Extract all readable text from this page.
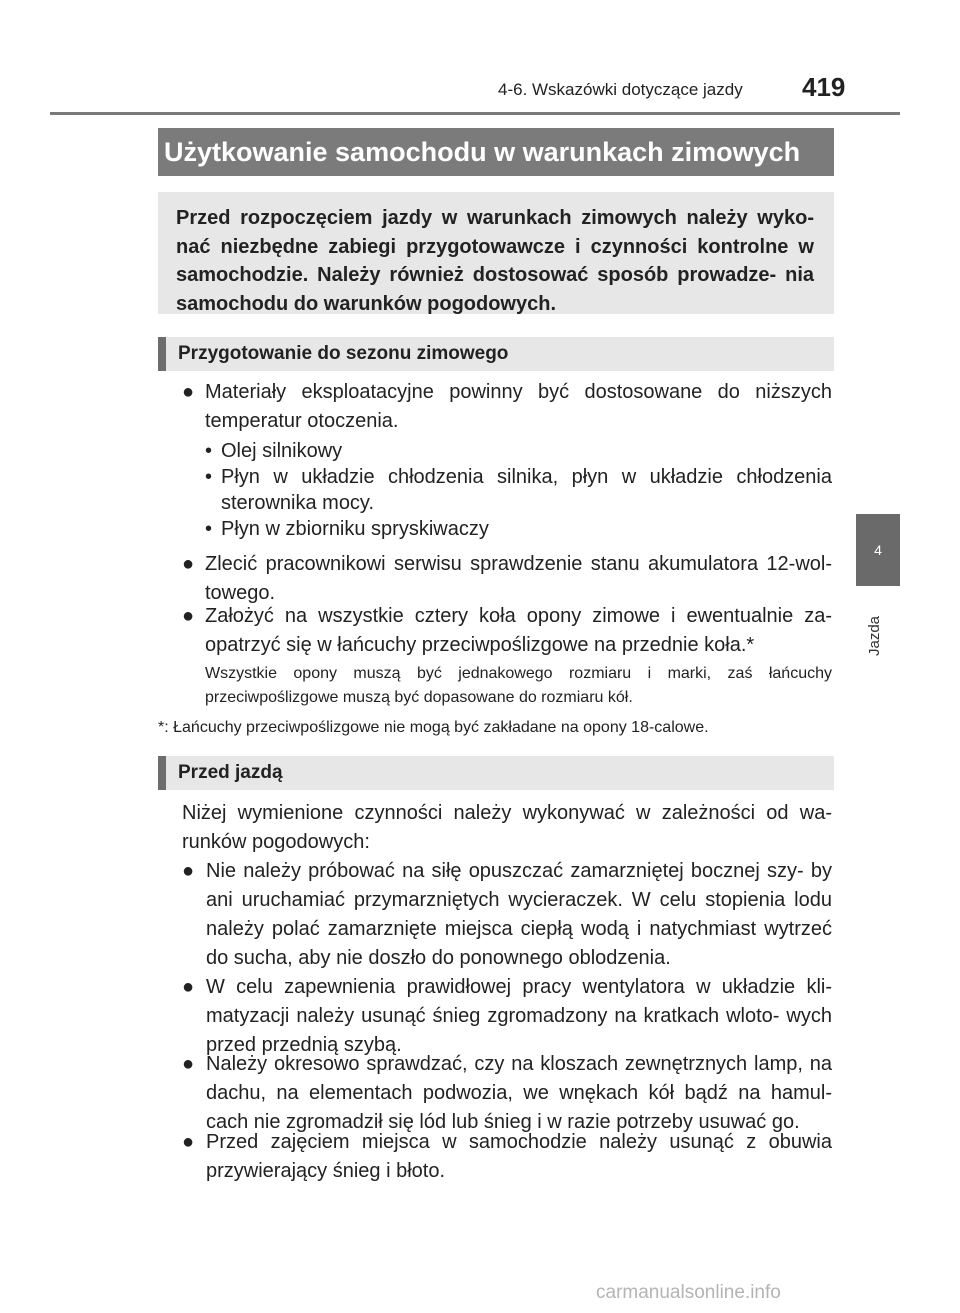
4-6. Wskazówki dotyczące jazdy 419
Użytkowanie samochodu w warunkach zimowych
Przed rozpoczęciem jazdy w warunkach zimowych należy wyko- nać niezbędne zabiegi przygotowawcze i czynności kontrolne w samochodzie. Należy również dostosować sposób prowadze- nia samochodu do warunków pogodowych.
Przygotowanie do sezonu zimowego
● Materiały eksploatacyjne powinny być dostosowane do niższych temperatur otoczenia.
• Olej silnikowy
• Płyn w układzie chłodzenia silnika, płyn w układzie chłodzenia sterownika mocy.
• Płyn w zbiorniku spryskiwaczy
● Zlecić pracownikowi serwisu sprawdzenie stanu akumulatora 12-wol- towego.
● Założyć na wszystkie cztery koła opony zimowe i ewentualnie za- opatrzyć się w łańcuchy przeciwpoślizgowe na przednie koła.*
Wszystkie opony muszą być jednakowego rozmiaru i marki, zaś łańcuchy przeciwpoślizgowe muszą być dopasowane do rozmiaru kół.
*: Łańcuchy przeciwpoślizgowe nie mogą być zakładane na opony 18-calowe.
Przed jazdą
Niżej wymienione czynności należy wykonywać w zależności od wa- runków pogodowych:
● Nie należy próbować na siłę opuszczać zamarzniętej bocznej szy- by ani uruchamiać przymarzniętych wycieraczek. W celu stopienia lodu należy polać zamarznięte miejsca ciepłą wodą i natychmiast wytrzeć do sucha, aby nie doszło do ponownego oblodzenia.
● W celu zapewnienia prawidłowej pracy wentylatora w układzie kli- matyzacji należy usunąć śnieg zgromadzony na kratkach wloto- wych przed przednią szybą.
● Należy okresowo sprawdzać, czy na kloszach zewnętrznych lamp, na dachu, na elementach podwozia, we wnękach kół bądź na hamul- cach nie zgromadził się lód lub śnieg i w razie potrzeby usuwać go.
● Przed zajęciem miejsca w samochodzie należy usunąć z obuwia przywierający śnieg i błoto.
4
Jazda
carmanualsonline.info
